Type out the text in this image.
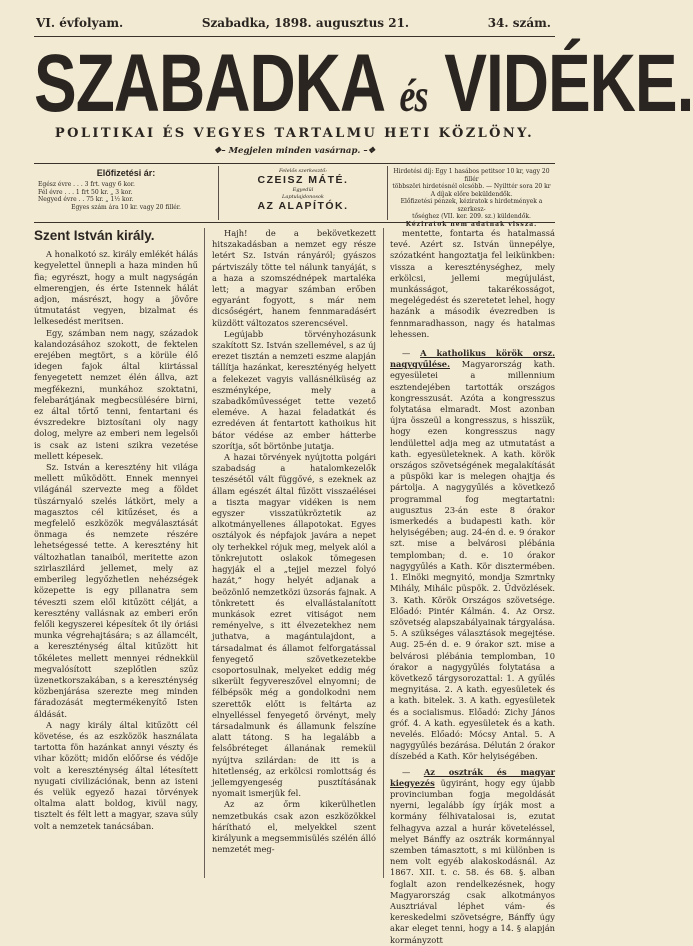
VI. évfolyam.	Szabadka, 1898. augusztus 21.	34. szám.
SZABADKA és VIDÉKE.
POLITIKAI ÉS VEGYES TARTALMU HETI KÖZLÖNY.
❖– Megjelen minden vasárnap. –❖
Előfizetési ár:
Egész évre . . . 3 frt. vagy 6 kor.
Fél évre . . . 1 frt 50 kr. „ 3 kor.
Negyed évre . . 75 kr. „ 1½ kor.
Egyes szám ára 10 kr. vagy 20 fillér.
Felelős szerkesztő:
CZEISZ MÁTÉ.
Egyedül
Laptulajdonosok
AZ ALAPÍTÓK.
Hirdetési díj: Egy 1 hasábos petitsor 10 kr, vagy 20 fillér
többszöri hirdetésnél olcsóbb. — Nyilttér sora 20 kr
A díjak előre beküldendők.
Előfizetési pénzek, kéziratok s hirdetmények a szerkesz-
tőséghez (VII. ker. 209. sz.) küldendők.
Kéziratok nem adatnak vissza.
Szent István király.

A honalkotó sz. király emlékét hálás kegyelettel ünnepli a haza minden hű fia; egyrészt, hogy a mult nagyságán elmerengjen, és érte Istennek hálát adjon, másrészt, hogy a jövőre útmutatást vegyen, bizalmat és lelkesedést meritsen.

Egy, számban nem nagy, századok kalandozásához szokott, de fektelen erejében megtört, s a körüle élő idegen fajok által kiirtással fenyegetett nemzet élén állva, azt megfékezni, munkához szoktatni, felebarátjának megbecsülésére birni, ez által tőrtő tenni, fentartani és évszredekre biztosítani oly nagy dolog, melyre az emberi nem legelsői is csak az isteni szikra vezetése mellett képesek.

Sz. István a keresztény hit világa mellett működött. Ennek mennyei világánál szervezte meg a földet tüszárnyaló szelés látkört, mely a magasztos cél kitűzéset, és a megfelelő eszközök megválasztását önmaga és nemzete részére lehetségessé tette. A keresztény hit változhatlan tanaiból, meritette azon szirlaszilárd jellemet, mely az emberileg legyőzhetlen nehézségek közepette is egy pillanatra sem téveszti szem elől kitűzött célját, a keresztény vallásnak az emberi erőn felőli kegyszerei képesítek őt ily óriási munka végrehajtására; s az államcélt, a kereszténység által kitűzött hit tőkéletes mellett mennyei rédnekkül megvalósított szeplőtlen szűz üzenetkorszakában, s a kereszténység közbenjárása szerezte meg minden fáradozását megtermékenyítő Isten áldását.

A nagy király által kitűzött cél követése, és az eszközök használata tartotta fön hazánkat annyi vészty és vihar között; midőn előőrse és védője volt a kereszténység által létesített nyugati civilizációnak, benn az isteni és velük egyező hazai törvények oltalma alatt boldog, kivül nagy, tisztelt és félt lett a magyar, szava súly volt a nemzetek tanácsában.

Hajh! de a bekövetkezett hitszakadásban a nemzet egy része letért Sz. István rányáról; gyászos pártviszály tötte tel nálunk tanyáját, s a haza a szomszédnépek martaléka lett; a magyar számban erőben egyaránt fogyott, s már nem dicsőségért, hanem fennmaradásért küzdött változatos szerencsével.

Legújabb törvényhozásunk szakított Sz. István szellemével, s az új erezet tisztán a nemzeti eszme alapján tállítja hazánkat, keresztényég helyett a felekezet vagyis vallásnélküség az eszményképe, mely a szabadkőművességet tette vezető eleméve. A hazai feladatkát és ezredéven át fentartott kathoikus hit bátor védése az ember hátterbe szorítja, sőt börtönbe jutatja.

A hazai törvények nyújtotta polgári szabadság a hatalomkezelők teszésétől vált függővé, s ezeknek az állam egészét által fűzött visszaélései a tiszta magyar vidéken is nem egyszer visszatükröztetik az alkotmányellenes állapotokat. Egyes osztályok és népfajok javára a nepet oly terhekkel rójuk meg, melyek alól a tönkrejutott oslakok tömegesen hagyják el a „tejjel mezzel folyó hazát,“ hogy helyét adjanak a beözönlő nemzetközi üzsorás fajnak. A tönkretett és elvallástalanított munkások ezret vitiságot nem reményelve, s itt élvezetekhez nem juthatva, a magántulajdont, a társadalmat és államot felforgatással fenyegető szövetkezetekbe csoportosulnak, melyeket eddig még sikerült fegyvereszővel elnyomni; de félbépsök még a gondolkodni nem szerettők előtt is feltárta az elnyelléssel fenyegető örvényt, mely társadalmunk és államunk felszíne alatt tátong. S ha legalább a felsőbréteget állanának remekül nyújtva szilárdan: de itt is a hitetlenség, az erkölcsi romlottság és jellemgyengeség pusztításának nyomait ismerjük fel.

Az az őrm kikerülhetlen nemzetbukás csak azon eszközökkel hárítható el, melyekkel szent királyunk a megsemmisülés szélén álló nemzetét meg-

mentette, fontarta és hatalmassá tevé. Azért sz. István ünnepélye, szózatként hangoztatja fel leikünkben: vissza a kereszténységhez, mely erkölcsi, jellemi megújulást, munkásságot, takarékosságot, megelégedést és szeretetet lehel, hogy hazánk a második évezredben is fennmaradhasson, nagy és hatalmas lehessen.

— A katholikus körök orsz. nagygyűlése. Magyarország kath. egyesületei a millennium esztendejében tartották országos kongresszusát. Azóta a kongresszus folytatása elmaradt. Most azonban újra összeül a kongresszus, s hisszük, hogy ezen kongresszus nagy lendülettel adja meg az utmutatást a kath. egyesületeknek. A kath. körök országos szövetségének megalakítását a püspöki kar is melegen ohajtja és pártolja. A nagygyűlés a következő programmal fog megtartatni: augusztus 23-án este 8 órakor ismerkedés a budapesti kath. kör helyiségében; aug. 24-én d. e. 9 órakor szt. mise a belvárosi plébánia templomban; d. e. 10 órakor nagygyűlés a Kath. Kör disztermében. 1. Elnöki megnyitó, mondja Szmrtnky Mihály, Mihálc püspök. 2. Üdvözlések. 3. Kath. Körök Országos szövetsége. Előadó: Pintér Kálmán. 4. Az Orsz. szövetség alapszabályainak tárgyalása. 5. A szükséges választások megejtése. Aug. 25-én d. e. 9 órakor szt. mise a belvárosi plébánia templomban, 10 órakor a nagygyűlés folytatása a következő tárgysorozattal: 1. A gyűlés megnyitása. 2. A kath. egyesületek és a kath. bitelek. 3. A kath. egyesületek és a socialismus. Előadó: Zichy János gróf. 4. A kath. egyesületek és a kath. nevelés. Előadó: Mócsy Antal. 5. A nagygyűlés bezárása. Délután 2 órakor díszebéd a Kath. Kör helyiségében.

— Az osztrák és magyar kiegyezés ügyiránt, hogy egy újabb provinciumban fogja megoldását nyerni, legalább így írják most a kormány félhivatalosai is, ezutat felhagyva azzal a hurár követeléssel, melyet Bánffy az osztrák kormánnyal szemben támasztott, s mi különben is nem volt egyéb alakoskodásnál. Az 1867. XII. t. c. 58. és 68. §. alban foglalt azon rendelkezésnek, hogy Magyarország csak alkotmányos Ausztriával léphet vám- és kereskedelmi szövetségre, Bánffy úgy akar eleget tenni, hogy a 14. § alapján kormányzott
